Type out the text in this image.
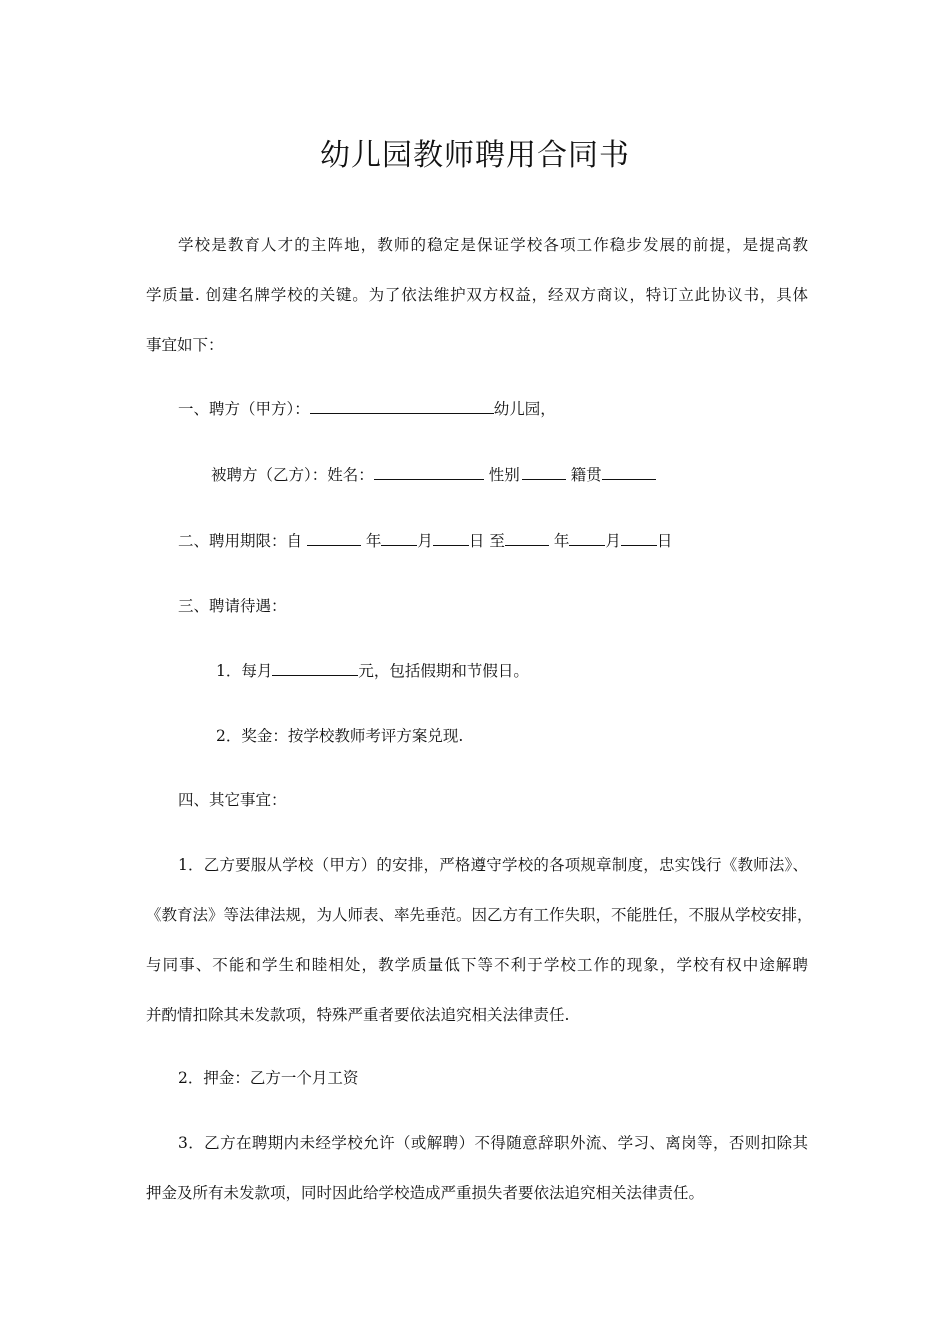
幼儿园教师聘用合同书
学校是教育人才的主阵地，教师的稳定是保证学校各项工作稳步发展的前提，是提高教
学质量. 创建名牌学校的关键。为了依法维护双方权益，经双方商议，特订立此协议书，具体
事宜如下：
一、聘方（甲方）：	幼儿园，
被聘方（乙方）：姓名：	性别	籍贯
二、聘用期限：自	年 月 日 至	年 月 日
三、聘请待遇：
1．每月	元，包括假期和节假日。
2．奖金：按学校教师考评方案兑现.
四、其它事宜：
1．乙方要服从学校（甲方）的安排，严格遵守学校的各项规章制度，忠实饯行《教师法》、
《教育法》等法律法规，为人师表、率先垂范。因乙方有工作失职，不能胜任，不服从学校安排，
与同事、不能和学生和睦相处，教学质量低下等不利于学校工作的现象，学校有权中途解聘
并酌情扣除其未发款项，特殊严重者要依法追究相关法律责任.
2．押金：乙方一个月工资
3．乙方在聘期内未经学校允许（或解聘）不得随意辞职外流、学习、离岗等，否则扣除其
押金及所有未发款项，同时因此给学校造成严重损失者要依法追究相关法律责任。
